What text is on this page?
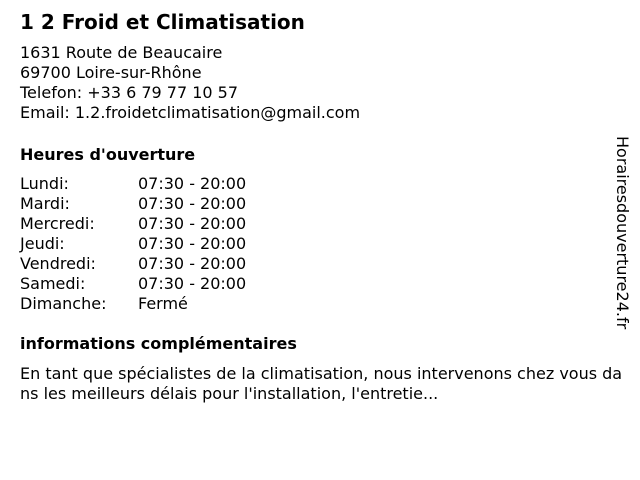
1 2 Froid et Climatisation
1631 Route de Beaucaire
69700 Loire-sur-Rhône
Telefon: +33 6 79 77 10 57
Email: 1.2.froidetclimatisation@gmail.com
Heures d'ouverture
Lundi:	07:30 - 20:00
Mardi:	07:30 - 20:00
Mercredi:	07:30 - 20:00
Jeudi:	07:30 - 20:00
Vendredi:	07:30 - 20:00
Samedi:	07:30 - 20:00
Dimanche:	Fermé
informations complémentaires
En tant que spécialistes de la climatisation, nous intervenons chez vous dans les meilleurs délais pour l'installation, l'entretie...
Horairesdouverture24.fr
